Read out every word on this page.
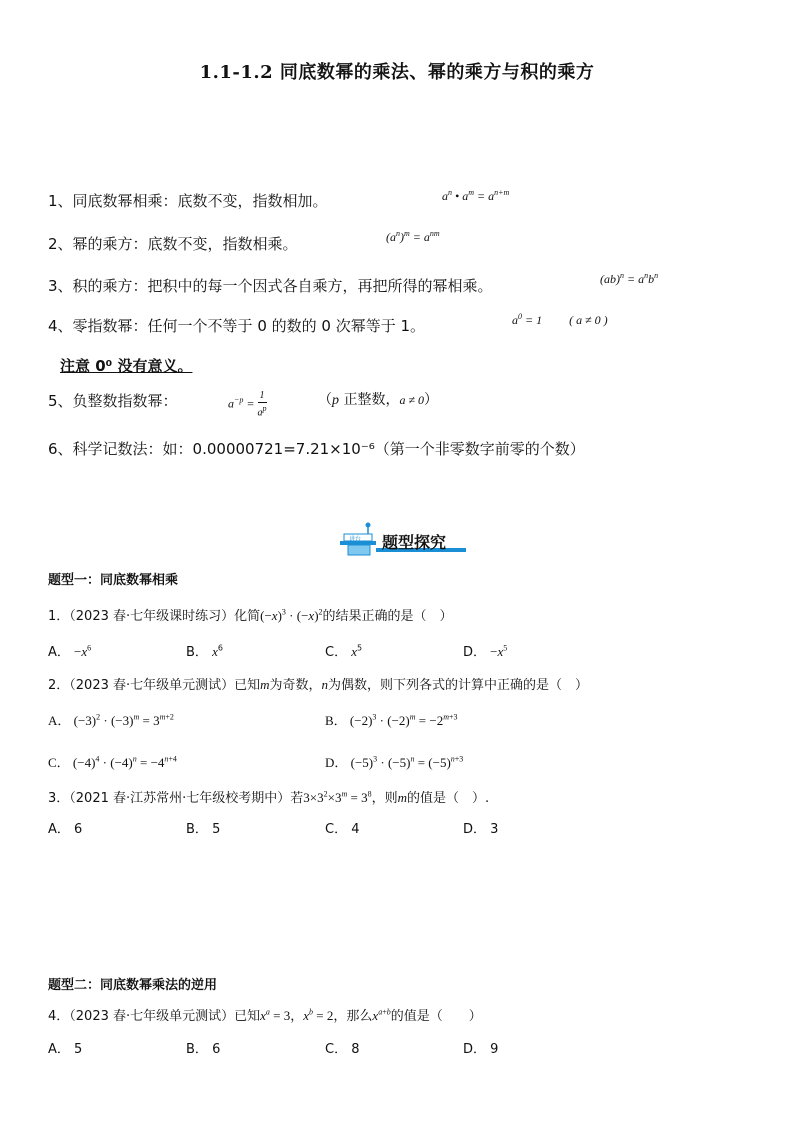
1.1-1.2 同底数幂的乘法、幂的乘方与积的乘方
1、同底数幂相乘：底数不变，指数相加。	$a^n$ • $a^m = a^{n+m}$
2、幂的乘方：底数不变，指数相乘。	$(a^n)^m = a^{nm}$
3、积的乘方：把积中的每一个因式各自乘方，再把所得的幂相乘。	$(ab)^n = a^nb^n$
4、零指数幂：任何一个不等于 0 的数的 0 次幂等于 1。	$a^0 = 1$         ( a ≠ 0 )
注意 0⁰ 没有意义。
5、负整数指数幂：	$a^{-p} = \frac{1}{a^p}$	（p 正整数，a ≠ 0）
6、科学记数法：如：0.00000721=7.21×10⁻⁶（第一个非零数字前零的个数）
讲台 题型探究
题型一：同底数幂相乘
1．（2023 春·七年级课时练习）化简$(-x)^3 \cdot (-x)^2$的结果正确的是（　）
A． $-x^6$	B． $x^6$	C． $x^5$	D． $-x^5$
2．（2023 春·七年级单元测试）已知m为奇数，n为偶数，则下列各式的计算中正确的是（　）
A． $(-3)^2 \cdot (-3)^m = 3^{m+2}$	B． $(-2)^3 \cdot (-2)^m = -2^{m+3}$
C． $(-4)^4 \cdot (-4)^n = -4^{n+4}$	D． $(-5)^3 \cdot (-5)^n = (-5)^{n+3}$
3．（2021 春·江苏常州·七年级校考期中）若$3\times 3^2\times 3^m = 3^8$，则m的值是（　）.
A． 6	B． 5	C． 4	D． 3
题型二：同底数幂乘法的逆用
4．（2023 春·七年级单元测试）已知$x^a = 3$，$x^b = 2$，那么$x^{a+b}$的值是（　　）
A． 5	B． 6	C． 8	D． 9
